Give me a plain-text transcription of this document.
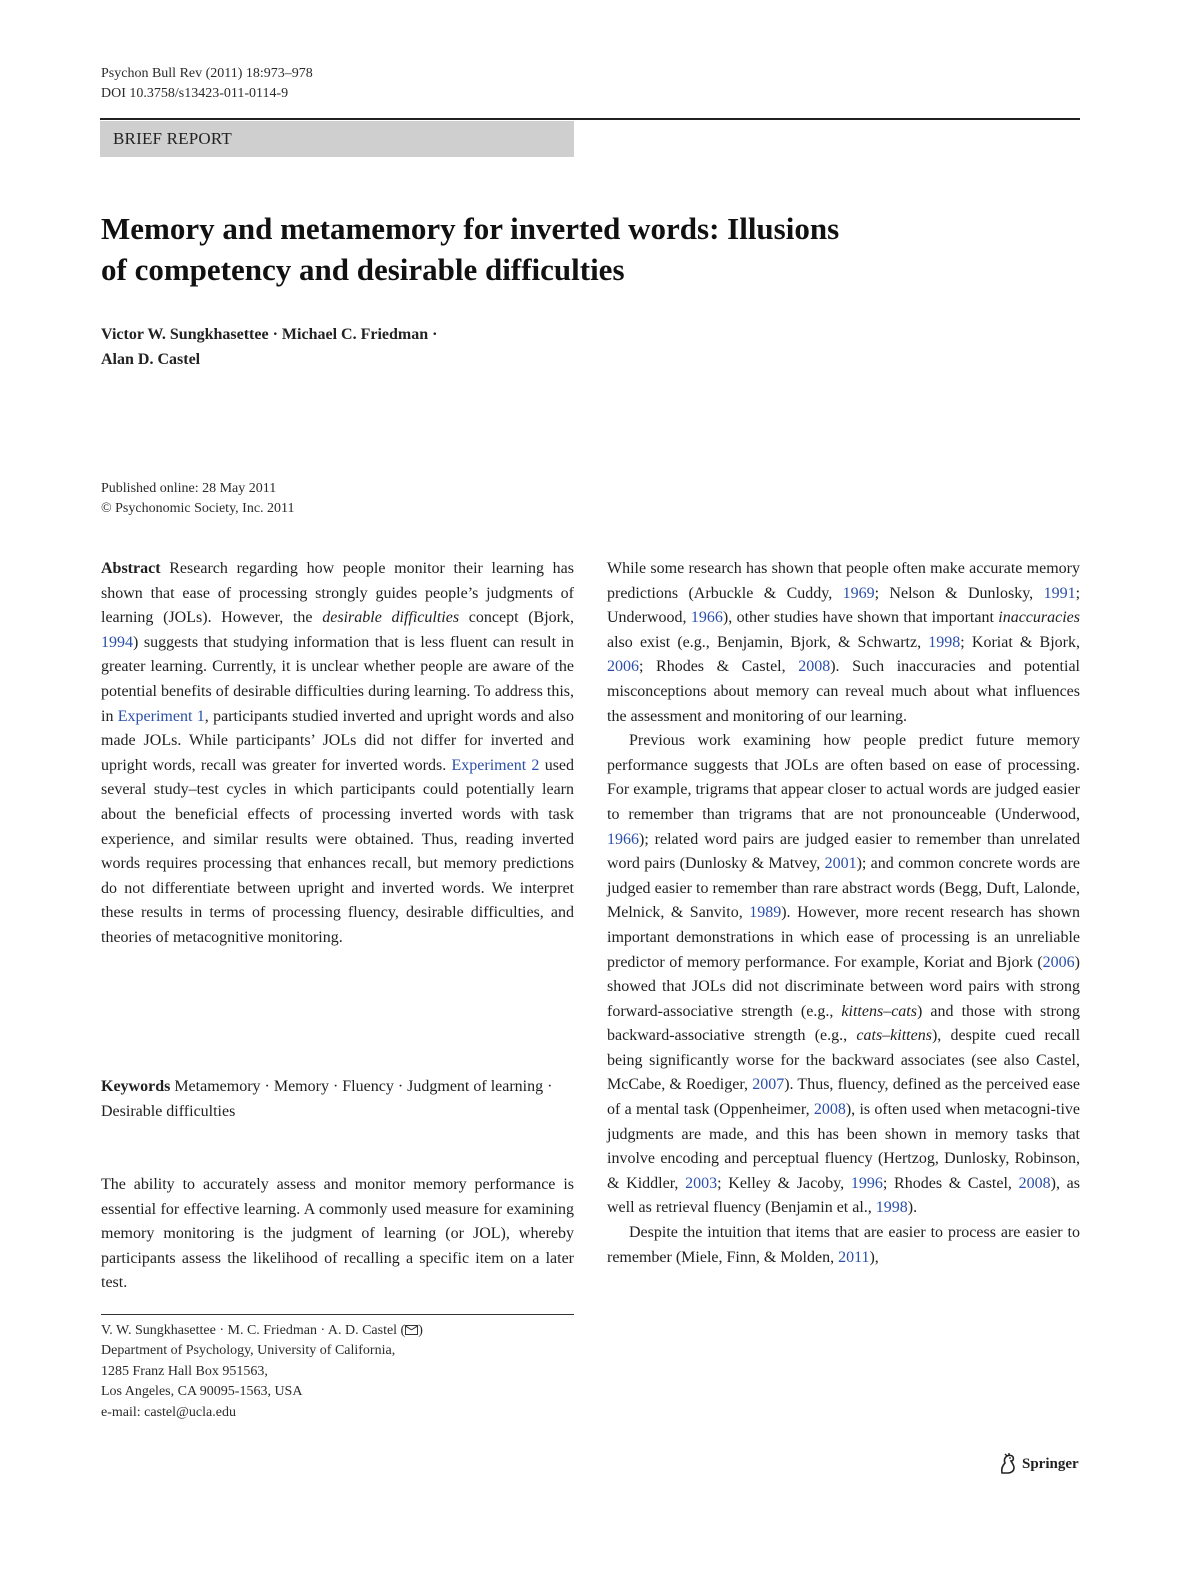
Psychon Bull Rev (2011) 18:973–978
DOI 10.3758/s13423-011-0114-9
BRIEF REPORT
Memory and metamemory for inverted words: Illusions
of competency and desirable difficulties
Victor W. Sungkhasettee · Michael C. Friedman ·
Alan D. Castel
Published online: 28 May 2011
© Psychonomic Society, Inc. 2011

Abstract Research regarding how people monitor their learning has shown that ease of processing strongly guides people’s judgments of learning (JOLs). However, the desirable difficulties concept (Bjork, 1994) suggests that studying information that is less fluent can result in greater learning. Currently, it is unclear whether people are aware of the potential benefits of desirable difficulties during learning. To address this, in Experiment 1, participants studied inverted and upright words and also made JOLs. While participants’ JOLs did not differ for inverted and upright words, recall was greater for inverted words. Experiment 2 used several study–test cycles in which participants could potentially learn about the beneficial effects of processing inverted words with task experience, and similar results were obtained. Thus, reading inverted words requires processing that enhances recall, but memory predictions do not differentiate between upright and inverted words. We interpret these results in terms of processing fluency, desirable difficulties, and theories of metacognitive monitoring.

Keywords Metamemory · Memory · Fluency · Judgment of learning · Desirable difficulties
The ability to accurately assess and monitor memory performance is essential for effective learning. A commonly used measure for examining memory monitoring is the judgment of learning (or JOL), whereby participants assess the likelihood of recalling a specific item on a later test.
V. W. Sungkhasettee · M. C. Friedman · A. D. Castel ( )
Department of Psychology, University of California,
1285 Franz Hall Box 951563,
Los Angeles, CA 90095-1563, USA
e-mail: castel@ucla.edu

While some research has shown that people often make accurate memory predictions (Arbuckle & Cuddy, 1969; Nelson & Dunlosky, 1991; Underwood, 1966), other studies have shown that important inaccuracies also exist (e.g., Benjamin, Bjork, & Schwartz, 1998; Koriat & Bjork, 2006; Rhodes & Castel, 2008). Such inaccuracies and potential misconceptions about memory can reveal much about what influences the assessment and monitoring of our learning.

Previous work examining how people predict future memory performance suggests that JOLs are often based on ease of processing. For example, trigrams that appear closer to actual words are judged easier to remember than trigrams that are not pronounceable (Underwood, 1966); related word pairs are judged easier to remember than unrelated word pairs (Dunlosky & Matvey, 2001); and common concrete words are judged easier to remember than rare abstract words (Begg, Duft, Lalonde, Melnick, & Sanvito, 1989). However, more recent research has shown important demonstrations in which ease of processing is an unreliable predictor of memory performance. For example, Koriat and Bjork (2006) showed that JOLs did not discriminate between word pairs with strong forward-associative strength (e.g., kittens–cats) and those with strong backward-associative strength (e.g., cats–kittens), despite cued recall being significantly worse for the backward associates (see also Castel, McCabe, & Roediger, 2007). Thus, fluency, defined as the perceived ease of a mental task (Oppenheimer, 2008), is often used when metacogni-tive judgments are made, and this has been shown in memory tasks that involve encoding and perceptual fluency (Hertzog, Dunlosky, Robinson, & Kiddler, 2003; Kelley & Jacoby, 1996; Rhodes & Castel, 2008), as well as retrieval fluency (Benjamin et al., 1998).

Despite the intuition that items that are easier to process are easier to remember (Miele, Finn, & Molden, 2011),

Springer
